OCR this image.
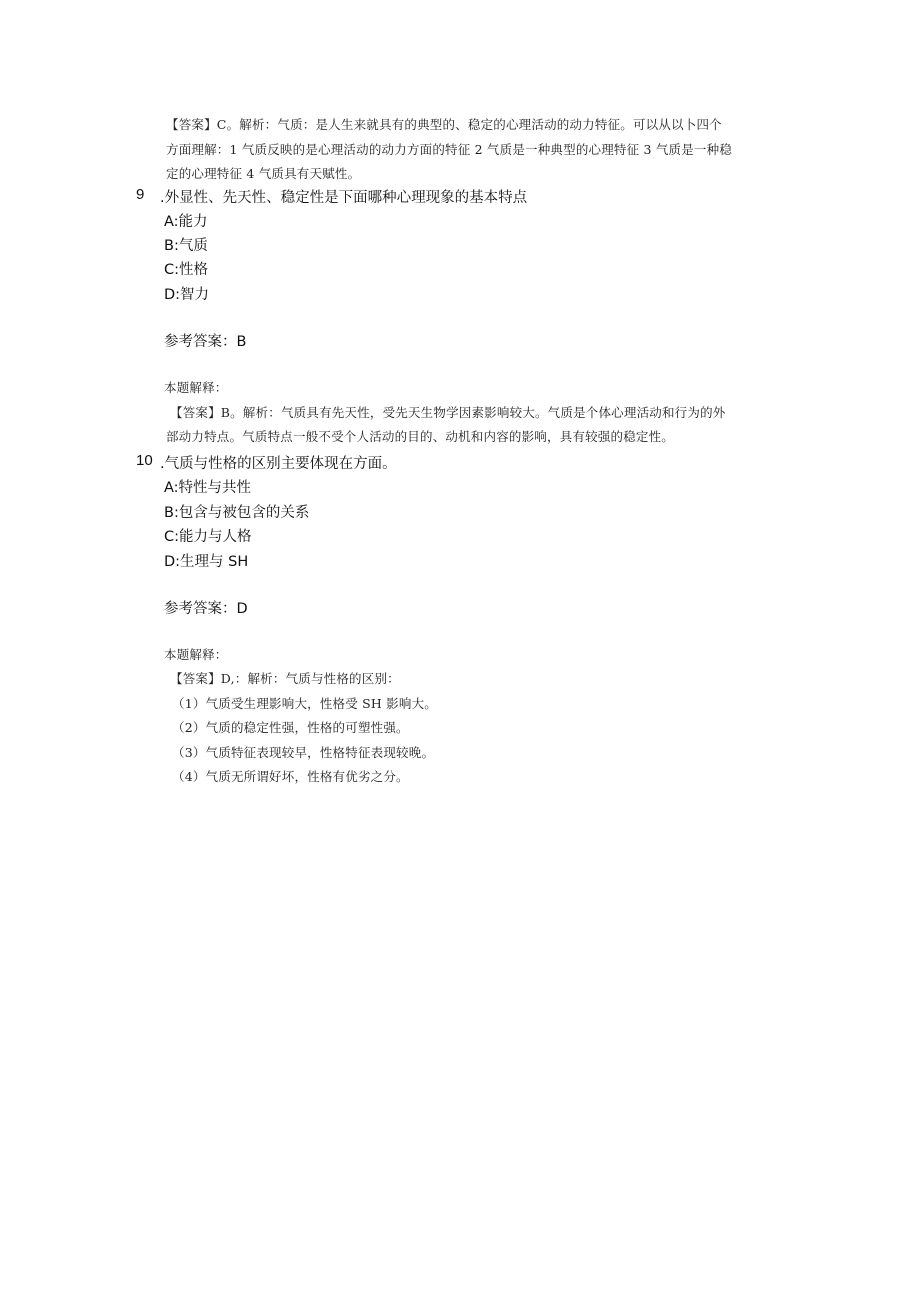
【答案】C。解析：气质：是人生来就具有的典型的、稳定的心理活动的动力特征。可以从以卜四个
方面理解：1 气质反映的是心理活动的动力方面的特征 2 气质是一种典型的心理特征 3 气质是一种稳
定的心理特征 4 气质具有天赋性。
9 .外显性、先天性、稳定性是下面哪种心理现象的基本特点
A:能力
B:气质
C:性格
D:智力
参考答案：B
本题解释：
【答案】B。解析：气质具有先天性，受先天生物学因素影响较大。气质是个体心理活动和行为的外
部动力特点。气质特点一般不受个人活动的目的、动机和内容的影响，具有较强的稳定性。
10 .气质与性格的区别主要体现在方面。
A:特性与共性
B:包含与被包含的关系
C:能力与人格
D:生理与 SH
参考答案：D
本题解释：
【答案】D,：解析：气质与性格的区别：
（1）气质受生理影响大，性格受 SH 影响大。
（2）气质的稳定性强，性格的可塑性强。
（3）气质特征表现较早，性格特征表现较晚。
（4）气质无所谓好坏，性格有优劣之分。
